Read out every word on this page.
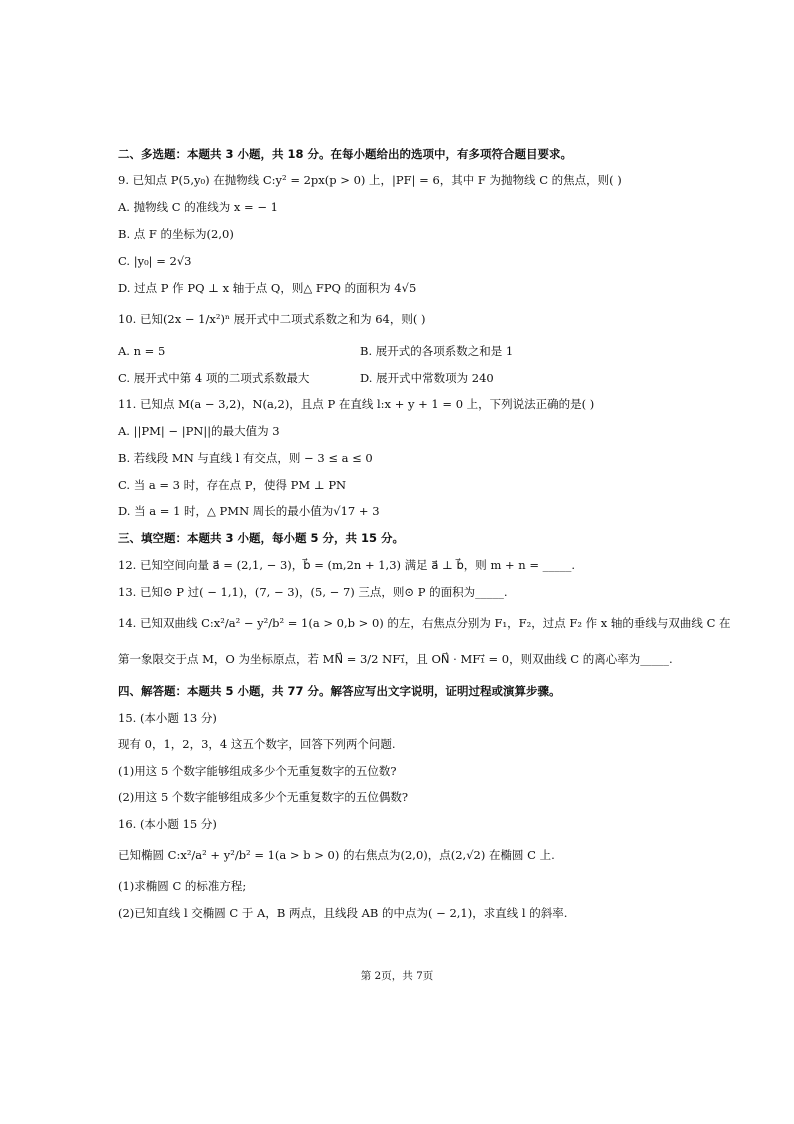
二、多选题：本题共 3 小题，共 18 分。在每小题给出的选项中，有多项符合题目要求。
9. 已知点 P(5,y₀) 在抛物线 C:y² = 2px(p > 0) 上，|PF| = 6，其中 F 为抛物线 C 的焦点，则( )
A. 抛物线 C 的准线为 x = − 1
B. 点 F 的坐标为(2,0)
C. |y₀| = 2√3
D. 过点 P 作 PQ ⊥ x 轴于点 Q，则△ FPQ 的面积为 4√5
10. 已知(2x − 1/x²)ⁿ 展开式中二项式系数之和为 64，则( )
A. n = 5	B. 展开式的各项系数之和是 1
C. 展开式中第 4 项的二项式系数最大	D. 展开式中常数项为 240
11. 已知点 M(a − 3,2)，N(a,2)，且点 P 在直线 l:x + y + 1 = 0 上，下列说法正确的是( )
A. ||PM| − |PN||的最大值为 3
B. 若线段 MN 与直线 l 有交点，则 − 3 ≤ a ≤ 0
C. 当 a = 3 时，存在点 P，使得 PM ⊥ PN
D. 当 a = 1 时，△ PMN 周长的最小值为√17 + 3
三、填空题：本题共 3 小题，每小题 5 分，共 15 分。
12. 已知空间向量 a⃗ = (2,1, − 3)，b⃗ = (m,2n + 1,3) 满足 a⃗ ⊥ b⃗，则 m + n = _____.
13. 已知⊙ P 过( − 1,1)，(7, − 3)，(5, − 7) 三点，则⊙ P 的面积为_____.
14. 已知双曲线 C:x²/a² − y²/b² = 1(a > 0,b > 0) 的左，右焦点分别为 F₁，F₂，过点 F₂ 作 x 轴的垂线与双曲线 C 在
第一象限交于点 M，O 为坐标原点，若 MN⃗ = 3/2 NF₁⃗，且 ON⃗ · MF₁⃗ = 0，则双曲线 C 的离心率为_____.
四、解答题：本题共 5 小题，共 77 分。解答应写出文字说明，证明过程或演算步骤。
15. (本小题 13 分)
现有 0，1，2，3，4 这五个数字，回答下列两个问题.
(1)用这 5 个数字能够组成多少个无重复数字的五位数?
(2)用这 5 个数字能够组成多少个无重复数字的五位偶数?
16. (本小题 15 分)
已知椭圆 C:x²/a² + y²/b² = 1(a > b > 0) 的右焦点为(2,0)，点(2,√2) 在椭圆 C 上.
(1)求椭圆 C 的标准方程;
(2)已知直线 l 交椭圆 C 于 A，B 两点，且线段 AB 的中点为( − 2,1)，求直线 l 的斜率.
第 2页，共 7页
